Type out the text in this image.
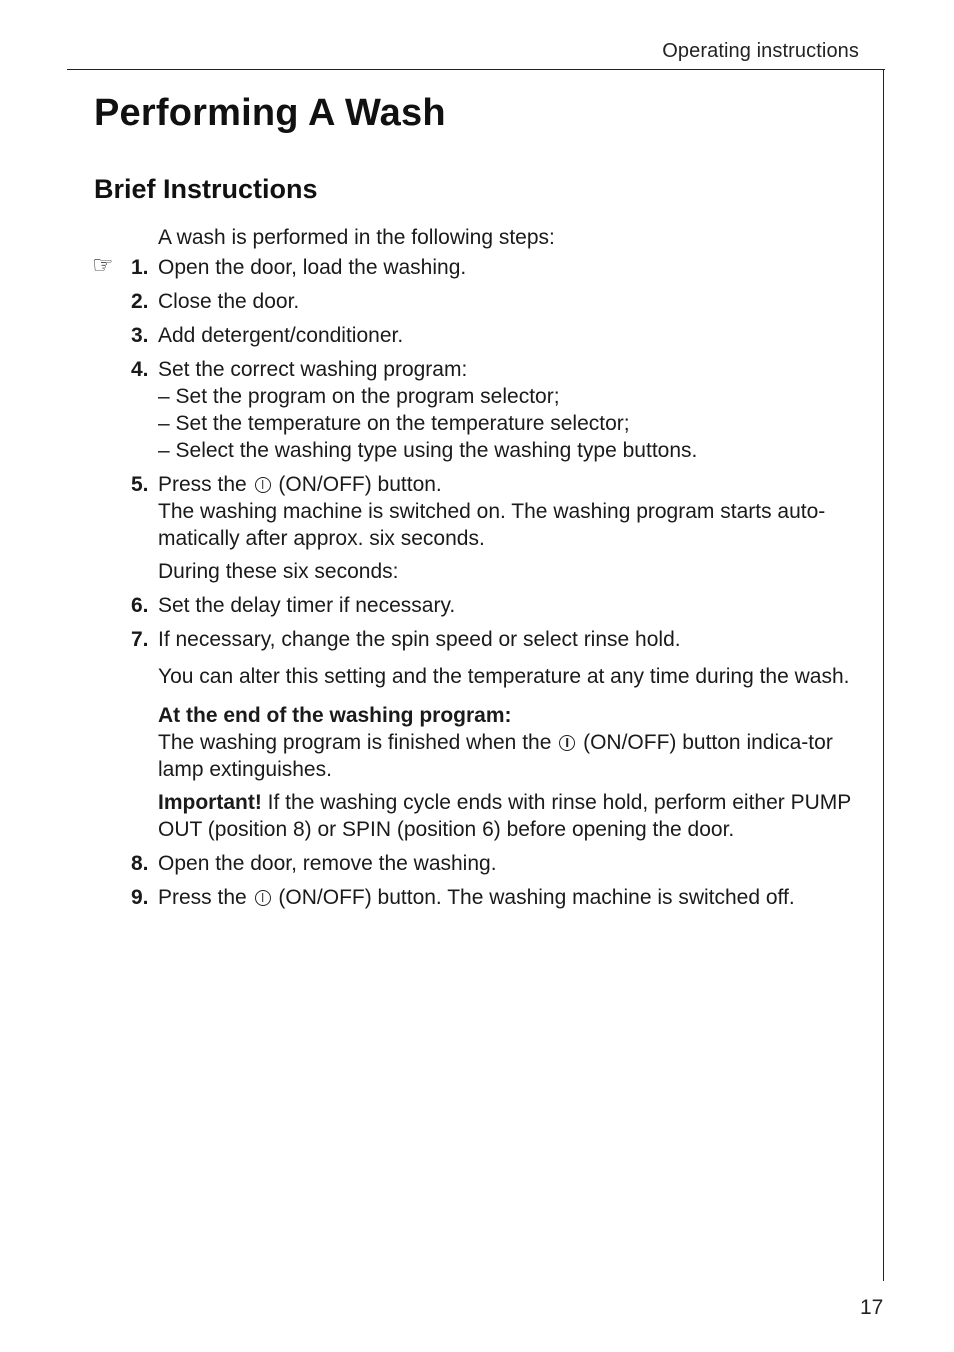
Operating instructions
Performing A Wash
Brief Instructions

A wash is performed in the following steps:

☞ 1. Open the door, load the washing.

2. Close the door.

3. Add detergent/conditioner.

4. Set the correct washing program:

– Set the program on the program selector;

– Set the temperature on the temperature selector;

– Select the washing type using the washing type buttons.

5. Press the (ON/OFF) button.

The washing machine is switched on. The washing program starts auto-matically after approx. six seconds.

During these six seconds:

6. Set the delay timer if necessary.

7. If necessary, change the spin speed or select rinse hold.

You can alter this setting and the temperature at any time during the wash.

At the end of the washing program:

The washing program is finished when the (ON/OFF) button indica-tor lamp extinguishes.

Important! If the washing cycle ends with rinse hold, perform either PUMP OUT (position 8) or SPIN (position 6) before opening the door.

8. Open the door, remove the washing.

9. Press the (ON/OFF) button. The washing machine is switched off.

17
